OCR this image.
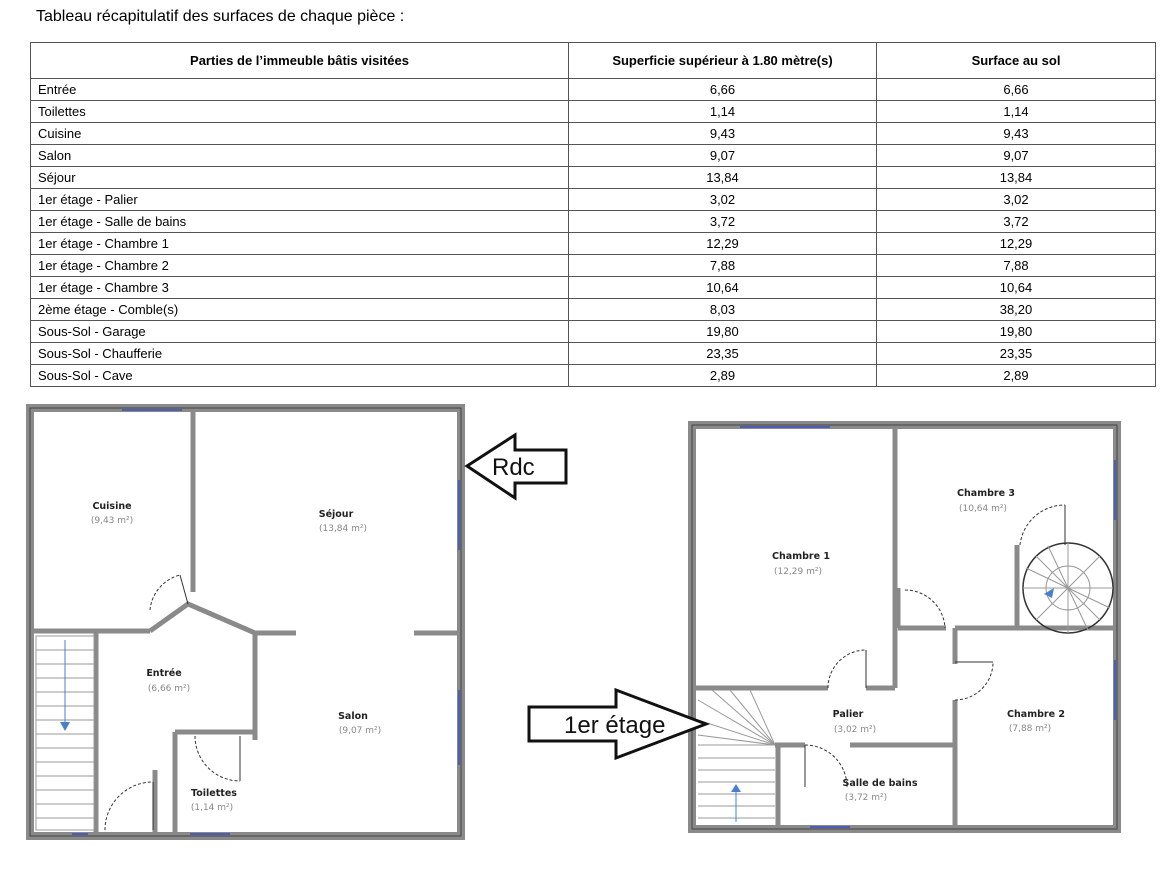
Tableau récapitulatif des surfaces de chaque pièce :
Parties de l’immeuble bâtis visitées	Superficie supérieur à 1.80 mètre(s)	Surface au sol
Entrée	6,66	6,66
Toilettes	1,14	1,14
Cuisine	9,43	9,43
Salon	9,07	9,07
Séjour	13,84	13,84
1er étage - Palier	3,02	3,02
1er étage - Salle de bains	3,72	3,72
1er étage - Chambre 1	12,29	12,29
1er étage - Chambre 2	7,88	7,88
1er étage - Chambre 3	10,64	10,64
2ème étage - Comble(s)	8,03	38,20
Sous-Sol - Garage	19,80	19,80
Sous-Sol - Chaufferie	23,35	23,35
Sous-Sol - Cave	2,89	2,89
Cuisine
(9,43 m²)
Séjour
(13,84 m²)
Entrée
(6,66 m²)
Salon
(9,07 m²)
Toilettes
(1,14 m²)
Rdc
Chambre 1
(12,29 m²)
Chambre 3
(10,64 m²)
Palier
(3,02 m²)
Chambre 2
(7,88 m²)
Salle de bains
(3,72 m²)
1er étage
